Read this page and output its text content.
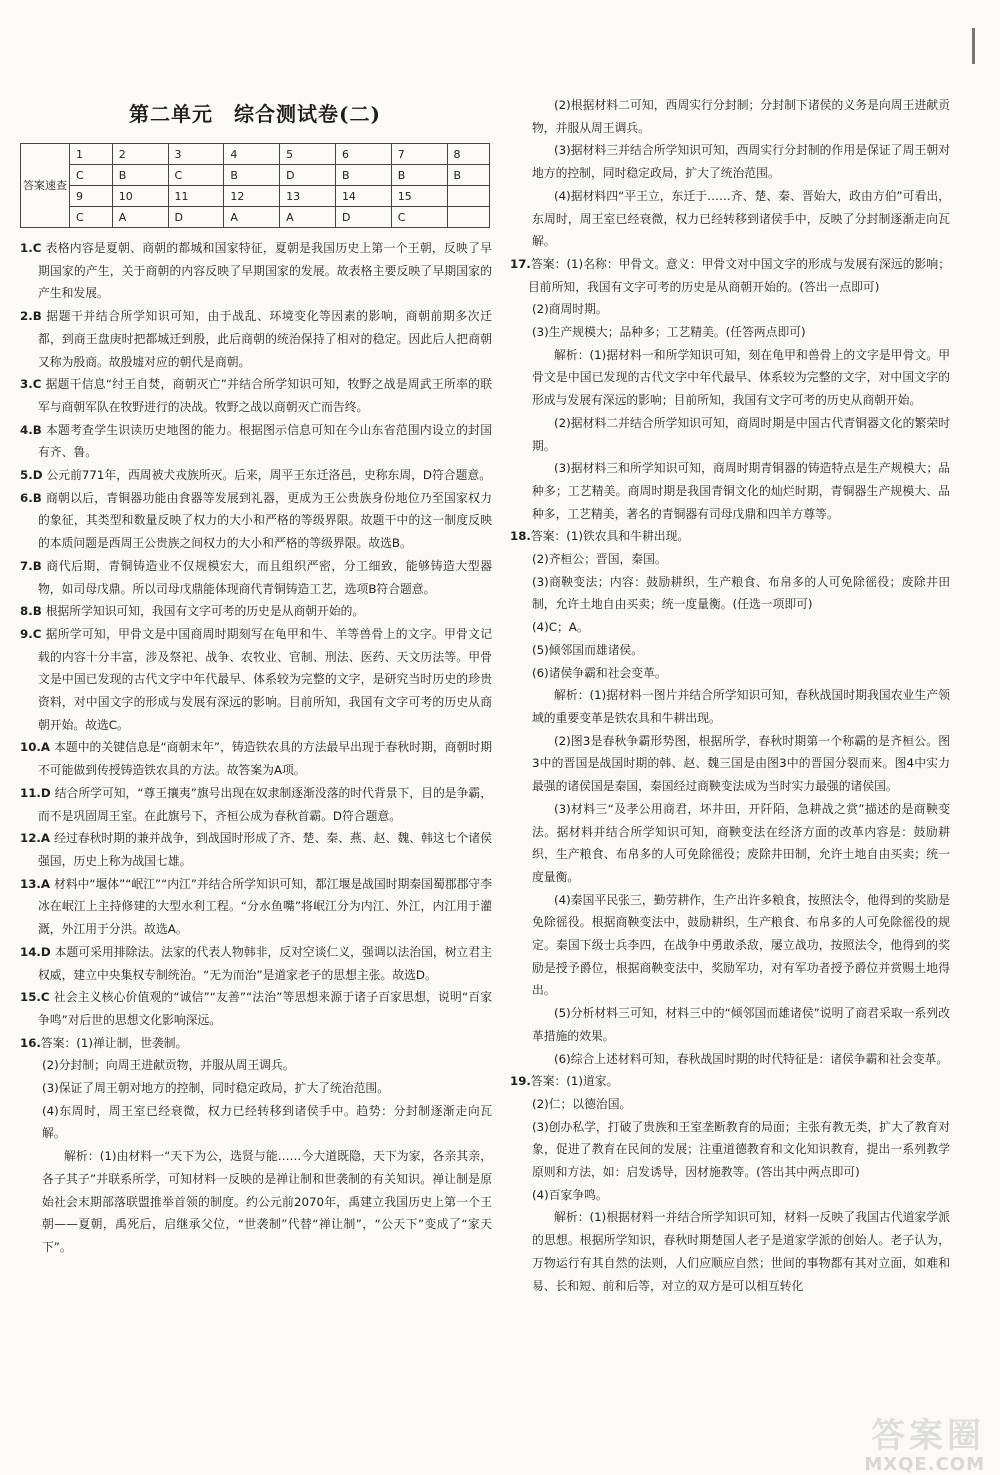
第二单元　综合测试卷(二)
答案速查	1	2	3	4	5	6	7	8
	C	B	C	B	D	B	B	B
	9	10	11	12	13	14	15	
	C	A	D	A	A	D	C	

1.C 表格内容是夏朝、商朝的都城和国家特征，夏朝是我国历史上第一个王朝，反映了早期国家的产生，关于商朝的内容反映了早期国家的发展。故表格主要反映了早期国家的产生和发展。

2.B 据题干并结合所学知识可知，由于战乱、环境变化等因素的影响，商朝前期多次迁都，到商王盘庚时把都城迁到殷，此后商朝的统治保持了相对的稳定。因此后人把商朝又称为殷商。故殷墟对应的朝代是商朝。

3.C 据题干信息“纣王自焚，商朝灭亡”并结合所学知识可知，牧野之战是周武王所率的联军与商朝军队在牧野进行的决战。牧野之战以商朝灭亡而告终。

4.B 本题考查学生识读历史地图的能力。根据图示信息可知在今山东省范围内设立的封国有齐、鲁。

5.D 公元前771年，西周被犬戎族所灭。后来，周平王东迁洛邑，史称东周，D符合题意。

6.B 商朝以后，青铜器功能由食器等发展到礼器，更成为王公贵族身份地位乃至国家权力的象征，其类型和数量反映了权力的大小和严格的等级界限。故题干中的这一制度反映的本质问题是西周王公贵族之间权力的大小和严格的等级界限。故选B。

7.B 商代后期，青铜铸造业不仅规模宏大，而且组织严密，分工细致，能够铸造大型器物，如司母戊鼎。所以司母戊鼎能体现商代青铜铸造工艺，选项B符合题意。

8.B 根据所学知识可知，我国有文字可考的历史是从商朝开始的。

9.C 据所学可知，甲骨文是中国商周时期刻写在龟甲和牛、羊等兽骨上的文字。甲骨文记载的内容十分丰富，涉及祭祀、战争、农牧业、官制、刑法、医药、天文历法等。甲骨文是中国已发现的古代文字中年代最早、体系较为完整的文字，是研究当时历史的珍贵资料，对中国文字的形成与发展有深远的影响。目前所知，我国有文字可考的历史从商朝开始。故选C。

10.A 本题中的关键信息是“商朝末年”，铸造铁农具的方法最早出现于春秋时期，商朝时期不可能做到传授铸造铁农具的方法。故答案为A项。

11.D 结合所学可知，“尊王攘夷”旗号出现在奴隶制逐渐没落的时代背景下，目的是争霸，而不是巩固周王室。在此旗号下，齐桓公成为春秋首霸。D符合题意。

12.A 经过春秋时期的兼并战争，到战国时形成了齐、楚、秦、燕、赵、魏、韩这七个诸侯强国，历史上称为战国七雄。

13.A 材料中“堰体”“岷江”“内江”并结合所学知识可知，都江堰是战国时期秦国蜀郡郡守李冰在岷江上主持修建的大型水利工程。“分水鱼嘴”将岷江分为内江、外江，内江用于灌溉，外江用于分洪。故选A。

14.D 本题可采用排除法。法家的代表人物韩非，反对空谈仁义，强调以法治国，树立君主权威，建立中央集权专制统治。“无为而治”是道家老子的思想主张。故选D。

15.C 社会主义核心价值观的“诚信”“友善”“法治”等思想来源于诸子百家思想，说明“百家争鸣”对后世的思想文化影响深远。

16.答案：(1)禅让制，世袭制。

(2)分封制；向周王进献贡物，并服从周王调兵。

(3)保证了周王朝对地方的控制，同时稳定政局，扩大了统治范围。

(4)东周时，周王室已经衰微，权力已经转移到诸侯手中。趋势：分封制逐渐走向瓦解。

解析：(1)由材料一“天下为公，选贤与能……今大道既隐，天下为家，各亲其亲，各子其子”并联系所学，可知材料一反映的是禅让制和世袭制的有关知识。禅让制是原始社会末期部落联盟推举首领的制度。约公元前2070年，禹建立我国历史上第一个王朝——夏朝，禹死后，启继承父位，“世袭制”代替“禅让制”，“公天下”变成了“家天下”。

(2)根据材料二可知，西周实行分封制；分封制下诸侯的义务是向周王进献贡物，并服从周王调兵。

(3)据材料三并结合所学知识可知，西周实行分封制的作用是保证了周王朝对地方的控制，同时稳定政局，扩大了统治范围。

(4)据材料四“平王立，东迁于……齐、楚、秦、晋始大，政由方伯”可看出，东周时，周王室已经衰微，权力已经转移到诸侯手中，反映了分封制逐渐走向瓦解。

17.答案：(1)名称：甲骨文。意义：甲骨文对中国文字的形成与发展有深远的影响；目前所知，我国有文字可考的历史是从商朝开始的。(答出一点即可)

(2)商周时期。

(3)生产规模大；品种多；工艺精美。(任答两点即可)

解析：(1)据材料一和所学知识可知，刻在龟甲和兽骨上的文字是甲骨文。甲骨文是中国已发现的古代文字中年代最早、体系较为完整的文字，对中国文字的形成与发展有深远的影响；目前所知，我国有文字可考的历史从商朝开始。

(2)据材料二并结合所学知识可知，商周时期是中国古代青铜器文化的繁荣时期。

(3)据材料三和所学知识可知，商周时期青铜器的铸造特点是生产规模大；品种多；工艺精美。商周时期是我国青铜文化的灿烂时期，青铜器生产规模大、品种多，工艺精美，著名的青铜器有司母戊鼎和四羊方尊等。

18.答案：(1)铁农具和牛耕出现。

(2)齐桓公；晋国，秦国。

(3)商鞅变法；内容：鼓励耕织，生产粮食、布帛多的人可免除徭役；废除井田制，允许土地自由买卖；统一度量衡。(任选一项即可)

(4)C；A。

(5)倾邻国而雄诸侯。

(6)诸侯争霸和社会变革。

解析：(1)据材料一图片并结合所学知识可知，春秋战国时期我国农业生产领域的重要变革是铁农具和牛耕出现。

(2)图3是春秋争霸形势图，根据所学，春秋时期第一个称霸的是齐桓公。图3中的晋国是战国时期的韩、赵、魏三国是由图3中的晋国分裂而来。图4中实力最强的诸侯国是秦国，秦国经过商鞅变法成为当时实力最强的诸侯国。

(3)材料三“及孝公用商君，坏井田，开阡陌，急耕战之赏”描述的是商鞅变法。据材料并结合所学知识可知，商鞅变法在经济方面的改革内容是：鼓励耕织，生产粮食、布帛多的人可免除徭役；废除井田制，允许土地自由买卖；统一度量衡。

(4)秦国平民张三，勤劳耕作，生产出许多粮食，按照法令，他得到的奖励是免除徭役。根据商鞅变法中，鼓励耕织，生产粮食、布帛多的人可免除徭役的规定。秦国下级士兵李四，在战争中勇敢杀敌，屡立战功，按照法令，他得到的奖励是授予爵位，根据商鞅变法中，奖励军功，对有军功者授予爵位并赏赐土地得出。

(5)分析材料三可知，材料三中的“倾邻国而雄诸侯”说明了商君采取一系列改革措施的效果。

(6)综合上述材料可知，春秋战国时期的时代特征是：诸侯争霸和社会变革。

19.答案：(1)道家。

(2)仁；以德治国。

(3)创办私学，打破了贵族和王室垄断教育的局面；主张有教无类，扩大了教育对象，促进了教育在民间的发展；注重道德教育和文化知识教育，提出一系列教学原则和方法，如：启发诱导，因材施教等。(答出其中两点即可)

(4)百家争鸣。

解析：(1)根据材料一并结合所学知识可知，材料一反映了我国古代道家学派的思想。根据所学知识，春秋时期楚国人老子是道家学派的创始人。老子认为，万物运行有其自然的法则，人们应顺应自然；世间的事物都有其对立面，如难和易、长和短、前和后等，对立的双方是可以相互转化

答案圈
MXQE.COM
